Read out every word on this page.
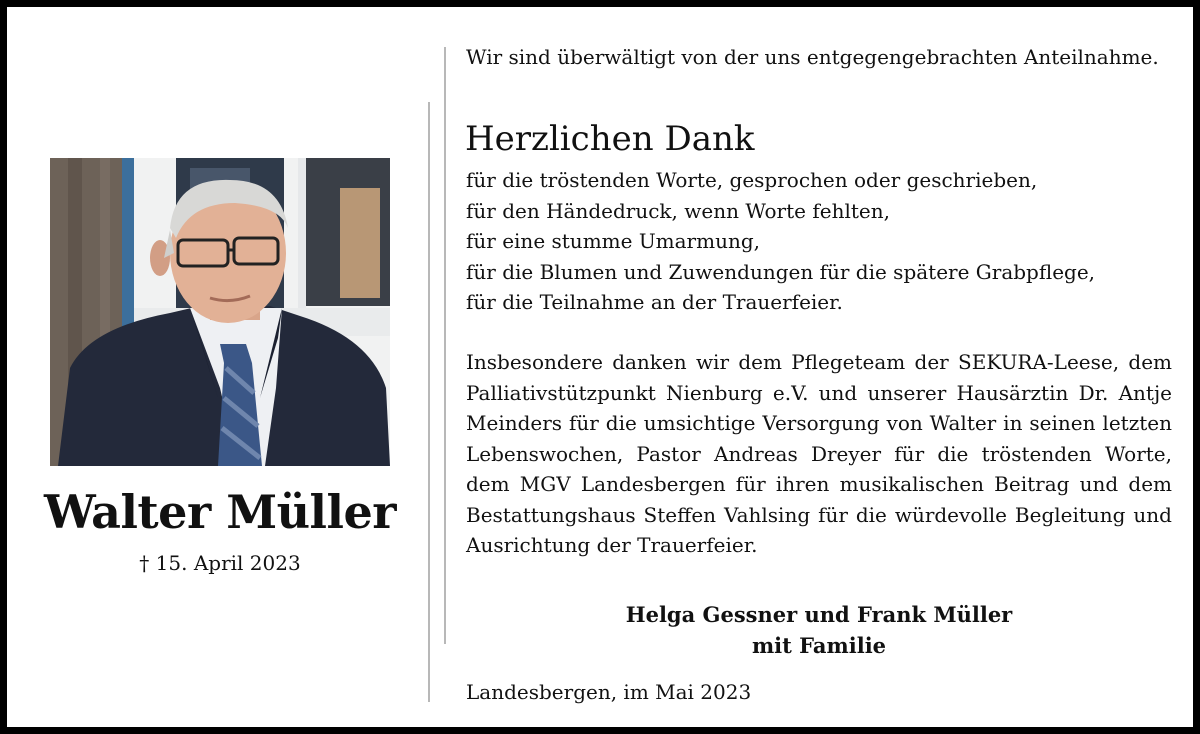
Walter Müller
† 15. April 2023
Wir sind überwältigt von der uns entgegengebrachten Anteilnahme.
Herzlichen Dank
für die tröstenden Worte, gesprochen oder geschrieben,
für den Händedruck, wenn Worte fehlten,
für eine stumme Umarmung,
für die Blumen und Zuwendungen für die spätere Grabpflege,
für die Teilnahme an der Trauerfeier.
Insbesondere danken wir dem Pflegeteam der SEKURA-Leese, dem Palliativstützpunkt Nienburg e.V. und unserer Hausärztin Dr. Antje Meinders für die umsichtige Versorgung von Walter in seinen letzten Lebenswochen, Pastor Andreas Dreyer für die tröstenden Worte, dem MGV Landesbergen für ihren musikalischen Beitrag und dem Bestattungshaus Steffen Vahlsing für die würdevolle Begleitung und Ausrichtung der Trauerfeier.
Helga Gessner und Frank Müller
mit Familie
Landesbergen, im Mai 2023
